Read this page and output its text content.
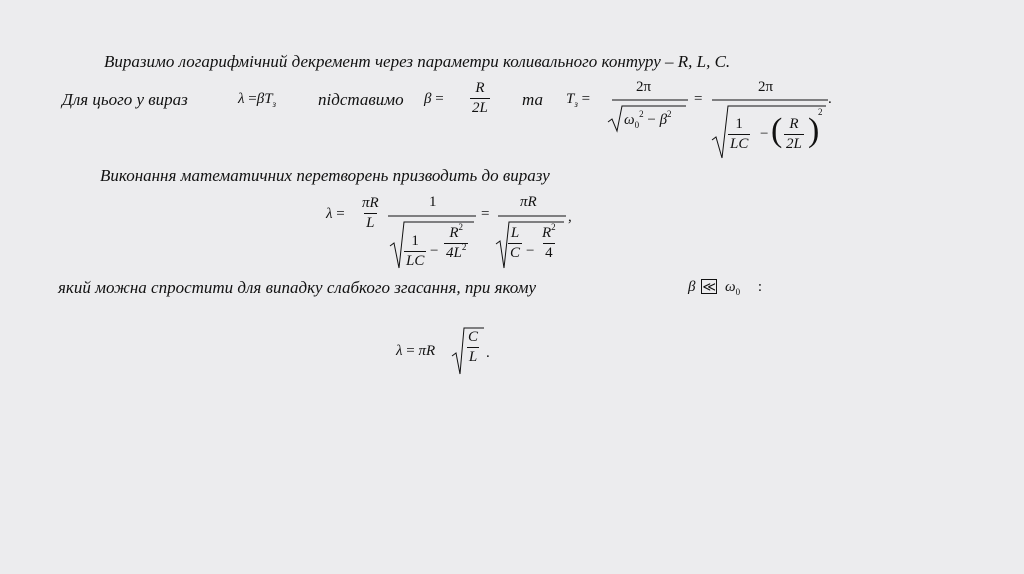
Виразимо логарифмічний декремент через параметри коливального контуру – R, L, C.
Для цього у вираз	$\lambda =\beta T_з$ підставимо $\beta = \frac{R}{2L}$ та $T_з$ =
2π
$\omega_0^2 - \beta^2$
=
2π
$\frac{1}{LC}$ − ( $\frac{R}{2L}$ )
2
.
Виконання математичних перетворень призводить до виразу
$\lambda = \frac{\pi R}{L}$	1
$\frac{1}{LC} - \frac{R^2}{4L^2}$
=
πR
$\frac{L}{C} - \frac{R^2}{4}$
,
який можна спростити для випадку слабкого згасання, при якому	β ≪ $\omega_0$ :
λ = πR $\frac{C}{L}$ .
